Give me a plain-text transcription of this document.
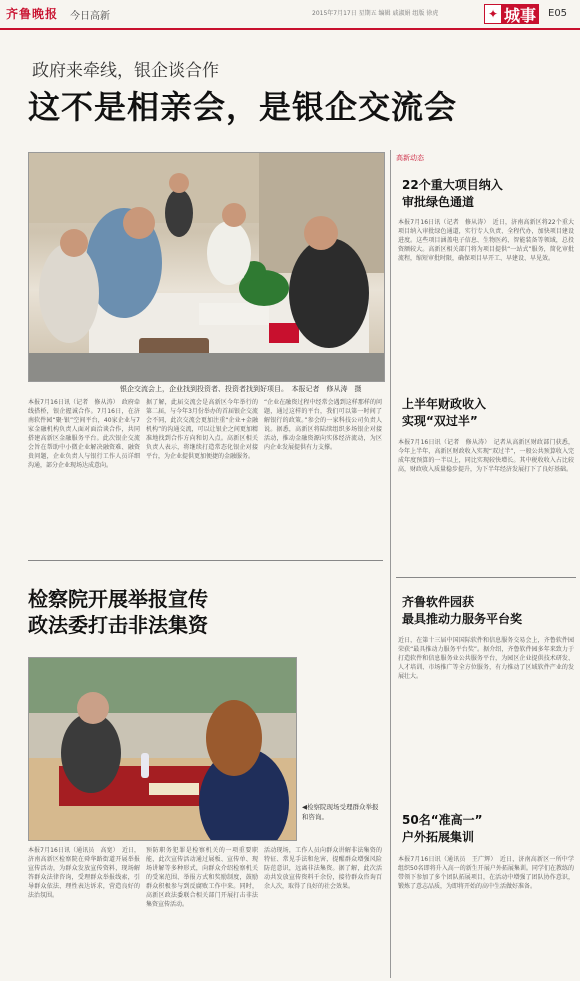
齐鲁晚报 今日高新	2015年7月17日 星期五 编辑 戚淑娟 组版 徐虎	✦ 城事 E05
政府来牵线，银企谈合作
这不是相亲会，是银企交流会
银企交流会上，企业找到投资者、投资者找到好项目。　本报记者　修从涛　摄
本报7月16日讯（记者　修从涛）　政府牵线搭桥，银企握诚合作。7月16日，在济南软件园“聚·银”空间平台，40家企业与7家金融机构负责人面对面洽谈合作，共同搭建高新区金融服务平台。此次银企交流会旨在帮助中小微企业解决融资难、融资贵问题，企业负责人与银行工作人员详细沟通，部分企业现场达成意向。
据了解，此届交流会是高新区今年举行的第二届，与今年3月份举办的首届银企交流会不同，此次交流会更加注重“企业+金融机构”的沟通交流，可以让银企之间更加精准地找到合作方向和切入点。高新区相关负责人表示，将继续打造常态化银企对接平台，为企业提供更加便捷的金融服务。
“企业在融资过程中经常会遇到这样那样的问题，通过这样的平台，我们可以第一时间了解银行的政策。”参会的一家科技公司负责人说。据悉，高新区将陆续组织多场银企对接活动，推动金融资源向实体经济流动，为区内企业发展提供有力支撑。
检察院开展举报宣传
政法委打击非法集资
◀检察院现场受理群众举报和咨询。
本报7月16日讯（通讯员　高宽）　近日，济南高新区检察院在舜华路街道开展举报宣传活动，为群众发放宣传资料，现场解答群众法律咨询，受理群众举报线索，引导群众依法、理性表达诉求，营造良好的法治氛围。
预防职务犯罪是检察机关的一项重要职能，此次宣传活动通过展板、宣传单、现场讲解等多种形式，向群众介绍检察机关的受案范围、举报方式和奖励制度，鼓励群众积极参与到反腐败工作中来。同时，高新区政法委联合相关部门开展打击非法集资宣传活动。
活动现场，工作人员向群众讲解非法集资的特征、常见手法和危害，提醒群众增强风险防范意识，远离非法集资。据了解，此次活动共发放宣传资料千余份，接待群众咨询百余人次，取得了良好的社会效果。
高新动态
22个重大项目纳入
审批绿色通道
本报7月16日讯（记者　修从涛）　近日，济南高新区将22个重大项目纳入审批绿色通道，实行专人负责、全程代办，加快项目建设进度。这些项目涵盖电子信息、生物医药、智能装备等领域，总投资额较大。高新区相关部门将为项目提供“一站式”服务，简化审批流程，缩短审批时限，确保项目早开工、早建设、早见效。
上半年财政收入
实现“双过半”
本报7月16日讯（记者　修从涛）　记者从高新区财政部门获悉，今年上半年，高新区财政收入实现“双过半”，一般公共预算收入完成年度预算的一半以上，同比实现较快增长。其中税收收入占比较高，财政收入质量稳步提升，为下半年经济发展打下了良好基础。
齐鲁软件园获
最具推动力服务平台奖
近日，在第十三届中国国际软件和信息服务交易会上，齐鲁软件园荣获“最具推动力服务平台奖”。据介绍，齐鲁软件园多年来致力于打造软件和信息服务业公共服务平台，为园区企业提供技术研发、人才培训、市场推广等全方位服务，有力推动了区域软件产业的发展壮大。
50名“准高一”
户外拓展集训
本报7月16日讯（通讯员　王广辉）　近日，济南高新区一所中学组织50名即将升入高一的新生开展户外拓展集训。同学们在教练的带领下参加了多个团队拓展项目，在活动中增强了团队协作意识，锻炼了意志品质，为即将开始的高中生活做好准备。
